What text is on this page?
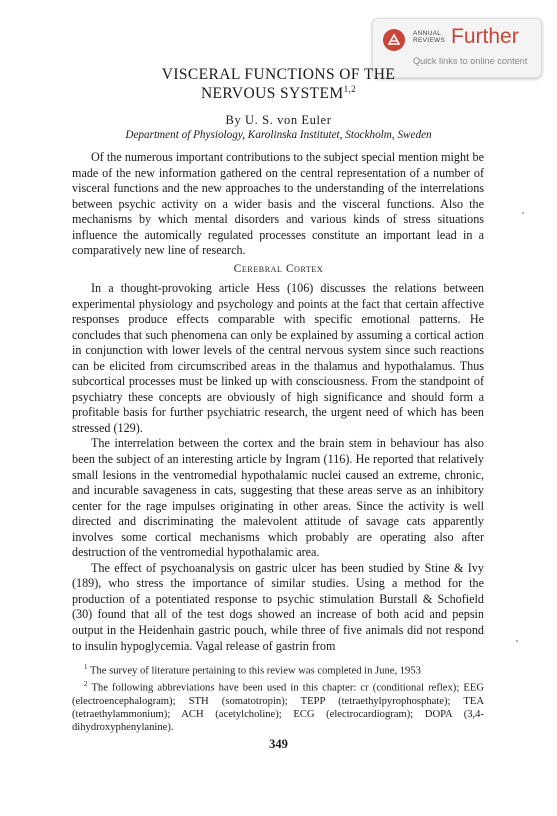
ANNUAL
REVIEWS Further
Quick links to online content
VISCERAL FUNCTIONS OF THE
NERVOUS SYSTEM$^{1,2}$
By U. S. von Euler
Department of Physiology, Karolinska Institutet, Stockholm, Sweden

Of the numerous important contributions to the subject special mention might be made of the new information gathered on the central representation of a number of visceral functions and the new approaches to the understanding of the interrelations between psychic activity on a wider basis and the visceral functions. Also the mechanisms by which mental disorders and various kinds of stress situations influence the automically regulated processes constitute an important lead in a comparatively new line of research.

Cerebral Cortex

In a thought-provoking article Hess (106) discusses the relations between experimental physiology and psychology and points at the fact that certain affective responses produce effects comparable with specific emotional patterns. He concludes that such phenomena can only be explained by assuming a cortical action in conjunction with lower levels of the central nervous system since such reactions can be elicited from circumscribed areas in the thalamus and hypothalamus. Thus subcortical processes must be linked up with consciousness. From the standpoint of psychiatry these concepts are obviously of high significance and should form a profitable basis for further psychiatric research, the urgent need of which has been stressed (129).

The interrelation between the cortex and the brain stem in behaviour has also been the subject of an interesting article by Ingram (116). He reported that relatively small lesions in the ventromedial hypothalamic nuclei caused an extreme, chronic, and incurable savageness in cats, suggesting that these areas serve as an inhibitory center for the rage impulses originating in other areas. Since the activity is well directed and discriminating the malevolent attitude of savage cats apparently involves some cortical mechanisms which probably are operating also after destruction of the ventromedial hypothalamic area.

The effect of psychoanalysis on gastric ulcer has been studied by Stine & Ivy (189), who stress the importance of similar studies. Using a method for the production of a potentiated response to psychic stimulation Burstall & Schofield (30) found that all of the test dogs showed an increase of both acid and pepsin output in the Heidenhain gastric pouch, while three of five animals did not respond to insulin hypoglycemia. Vagal release of gastrin from

$^1$ The survey of literature pertaining to this review was completed in June, 1953

$^2$ The following abbreviations have been used in this chapter: cr (conditional reflex); EEG (electroencephalogram); STH (somatotropin); TEPP (tetraethylpyrophosphate); TEA (tetraethylammonium); ACH (acetylcholine); ECG (electrocardiogram); DOPA (3,4-dihydroxyphenylanine).

349
